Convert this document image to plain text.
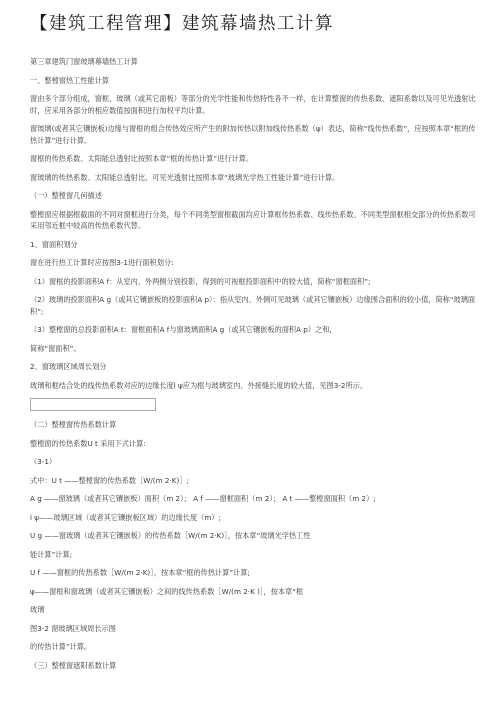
【建筑工程管理】建筑幕墙热工计算

第三章建筑门窗玻璃幕墙热工计算

一、整樘窗热工性能计算

窗由多个部分组成，窗框、玻璃（或其它面板）等部分的光学性能和传热特性各不一样，在计算整窗的传热系数、遮阳系数以及可见光透射比时，应采用各部分的相应数值按面积进行加权平均计算。

窗玻璃(或者其它镶嵌板)边缘与窗框的组合传热效应所产生的附加传热以附加线传热系数（ψ）表达，简称“线传热系数”，应按照本章“框的传热计算”进行计算。

窗框的传热系数、太阳能总透射比按照本章“框的传热计算”进行计算。

窗玻璃的传热系数、太阳能总透射比、可见光透射比按照本章“玻璃光学热工性能计算”进行计算。

（一）整樘窗几何描述

整樘窗应根据框截面的不同对窗框进行分类，每个不同类型窗框截面均应计算框传热系数、线传热系数。不同类型窗框相交部分的传热系数可采用邻近框中较高的传热系数代替。

1、窗面积划分

窗在进行热工计算时应按图3-1进行面积划分:

（1）窗框的投影面积A f：从室内、外两侧分别投影，得到的可视框投影面积中的较大值，简称“窗框面积”;

（2）玻璃的投影面积A g（或其它镶嵌板的投影面积A p）：指从室内、外侧可见玻璃（或其它镶嵌板）边缘围合面积的较小值，简称“玻璃面积”;

（3）整樘窗的总投影面积A t：窗框面积A f与窗玻璃面积A g（或其它镶嵌板的面积A p）之和,

简称“窗面积”。

2、窗玻璃区域周长划分

玻璃和框结合处的线传热系数对应的边缘长度l ψ应为框与玻璃室内、外接缝长度的较大值，见图3-2所示。

（二）整樘窗传热系数计算

整樘窗的传热系数U t 采用下式计算:

（3-1）

式中：U t ——整樘窗的传热系数［W/(m 2·K)］;

A g ——窗玻璃（或者其它镶嵌板）面积（m 2）； A f ——窗框面积（m 2）； A t ——整樘窗面积（m 2）;

l ψ——玻璃区域（或者其它镶嵌板区域）的边缘长度（m）;

U g ——窗玻璃（或者其它镶嵌板）的传热系数［W/(m 2·K)］，按本章“玻璃光学热工性

能计算”计算;

U f ——窗框的传热系数［W/(m 2·K)］，按本章“框的传热计算”计算;

ψ——窗框和窗玻璃（或者其它镶嵌板）之间的线传热系数［W/(m 2·K )］，按本章“框

玻璃

图3-2 窗玻璃区域周长示图

的传热计算”计算。

（三）整樘窗遮阳系数计算
